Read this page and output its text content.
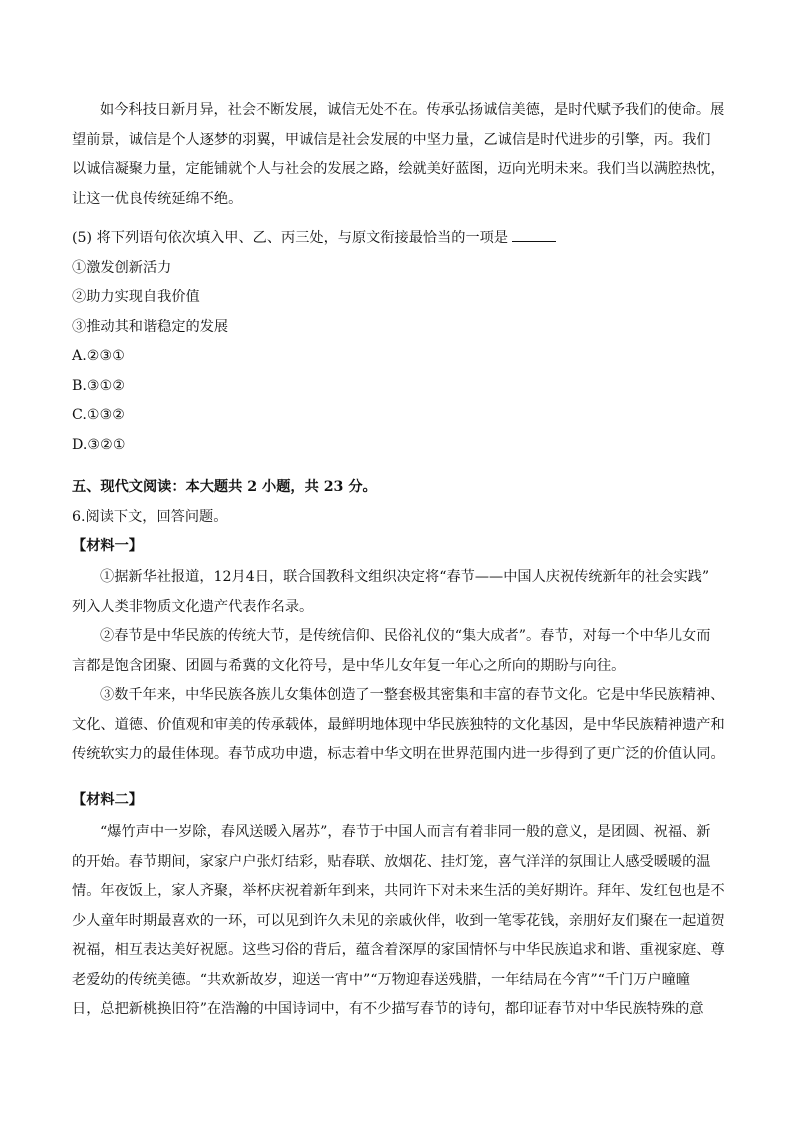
如今科技日新月异，社会不断发展，诚信无处不在。传承弘扬诚信美德，是时代赋予我们的使命。展
望前景，诚信是个人逐梦的羽翼，甲诚信是社会发展的中坚力量，乙诚信是时代进步的引擎，丙。我们
以诚信凝聚力量，定能铺就个人与社会的发展之路，绘就美好蓝图，迈向光明未来。我们当以满腔热忱，
让这一优良传统延绵不绝。
(5) 将下列语句依次填入甲、乙、丙三处，与原文衔接最恰当的一项是
①激发创新活力
②助力实现自我价值
③推动其和谐稳定的发展
A.②③①
B.③①②
C.①③②
D.③②①
五、现代文阅读：本大题共 2 小题，共 23 分。
6.阅读下文，回答问题。
【材料一】
①据新华社报道，12月4日，联合国教科文组织决定将“春节——中国人庆祝传统新年的社会实践”
列入人类非物质文化遗产代表作名录。
②春节是中华民族的传统大节，是传统信仰、民俗礼仪的“集大成者”。春节，对每一个中华儿女而
言都是饱含团聚、团圆与希冀的文化符号，是中华儿女年复一年心之所向的期盼与向往。
③数千年来，中华民族各族儿女集体创造了一整套极其密集和丰富的春节文化。它是中华民族精神、
文化、道德、价值观和审美的传承载体，最鲜明地体现中华民族独特的文化基因，是中华民族精神遗产和
传统软实力的最佳体现。春节成功申遗，标志着中华文明在世界范围内进一步得到了更广泛的价值认同。
【材料二】
“爆竹声中一岁除，春风送暖入屠苏”，春节于中国人而言有着非同一般的意义，是团圆、祝福、新
的开始。春节期间，家家户户张灯结彩，贴春联、放烟花、挂灯笼，喜气洋洋的氛围让人感受暖暖的温
情。年夜饭上，家人齐聚，举杯庆祝着新年到来，共同许下对未来生活的美好期许。拜年、发红包也是不
少人童年时期最喜欢的一环，可以见到许久未见的亲戚伙伴，收到一笔零花钱，亲朋好友们聚在一起道贺
祝福，相互表达美好祝愿。这些习俗的背后，蕴含着深厚的家国情怀与中华民族追求和谐、重视家庭、尊
老爱幼的传统美德。“共欢新故岁，迎送一宵中”“万物迎春送残腊，一年结局在今宵”“千门万户曈曈
日，总把新桃换旧符”在浩瀚的中国诗词中，有不少描写春节的诗句，都印证春节对中华民族特殊的意
